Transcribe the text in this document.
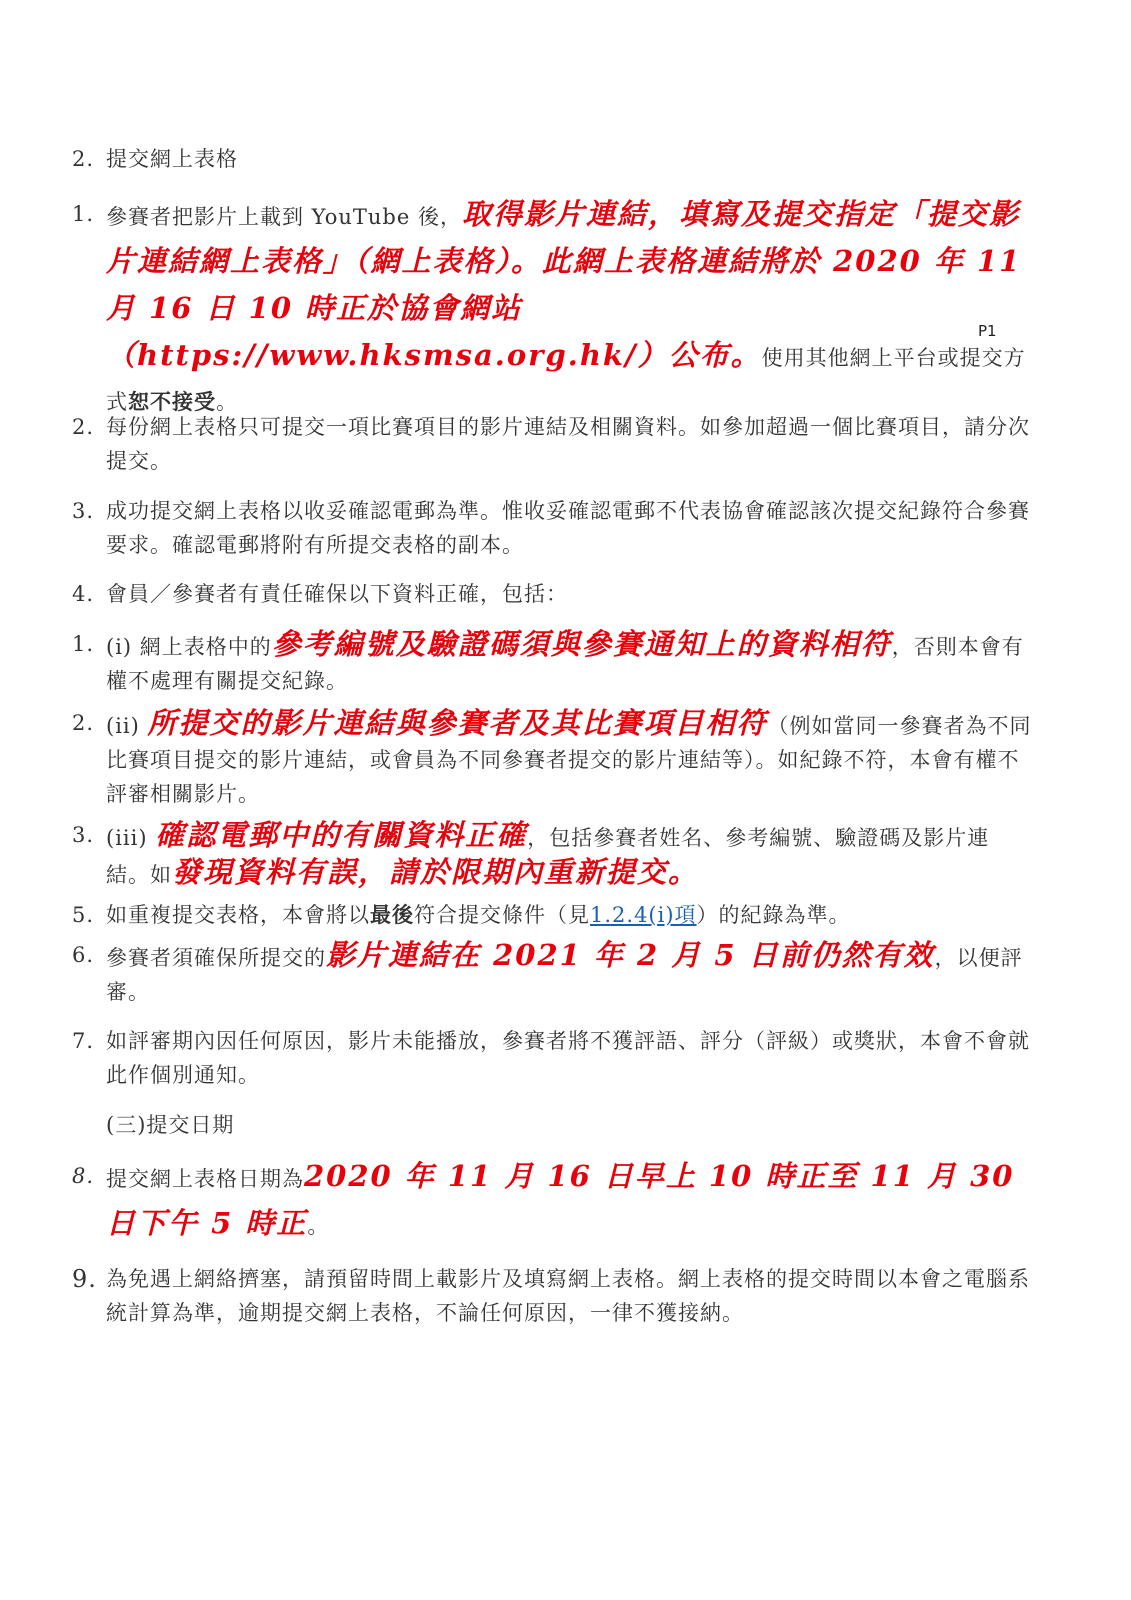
2. 提交網上表格
1. 參賽者把影片上載到 YouTube 後，取得影片連結，填寫及提交指定「提交影片連結網上表格」（網上表格）。此網上表格連結將於 2020 年 11 月 16 日 10 時正於協會網站（https://www.hksmsa.org.hk/）公布。使用其他網上平台或提交方式恕不接受。
P1
2. 每份網上表格只可提交一項比賽項目的影片連結及相關資料。如參加超過一個比賽項目，請分次提交。
3. 成功提交網上表格以收妥確認電郵為準。惟收妥確認電郵不代表協會確認該次提交紀錄符合參賽要求。確認電郵將附有所提交表格的副本。
4. 會員／參賽者有責任確保以下資料正確，包括：
1. (i) 網上表格中的參考編號及驗證碼須與參賽通知上的資料相符，否則本會有權不處理有關提交紀錄。
2. (ii) 所提交的影片連結與參賽者及其比賽項目相符（例如當同一參賽者為不同比賽項目提交的影片連結，或會員為不同參賽者提交的影片連結等）。如紀錄不符，本會有權不評審相關影片。
3. (iii) 確認電郵中的有關資料正確，包括參賽者姓名、參考編號、驗證碼及影片連結。如發現資料有誤，請於限期內重新提交。
5. 如重複提交表格，本會將以最後符合提交條件（見1.2.4(i)項）的紀錄為準。
6. 參賽者須確保所提交的影片連結在 2021 年 2 月 5 日前仍然有效，以便評審。
7. 如評審期內因任何原因，影片未能播放，參賽者將不獲評語、評分（評級）或獎狀，本會不會就此作個別通知。
(三)提交日期
8. 提交網上表格日期為2020 年 11 月 16 日早上 10 時正至 11 月 30 日下午 5 時正。
9. 為免遇上網絡擠塞，請預留時間上載影片及填寫網上表格。網上表格的提交時間以本會之電腦系統計算為準，逾期提交網上表格，不論任何原因，一律不獲接納。
